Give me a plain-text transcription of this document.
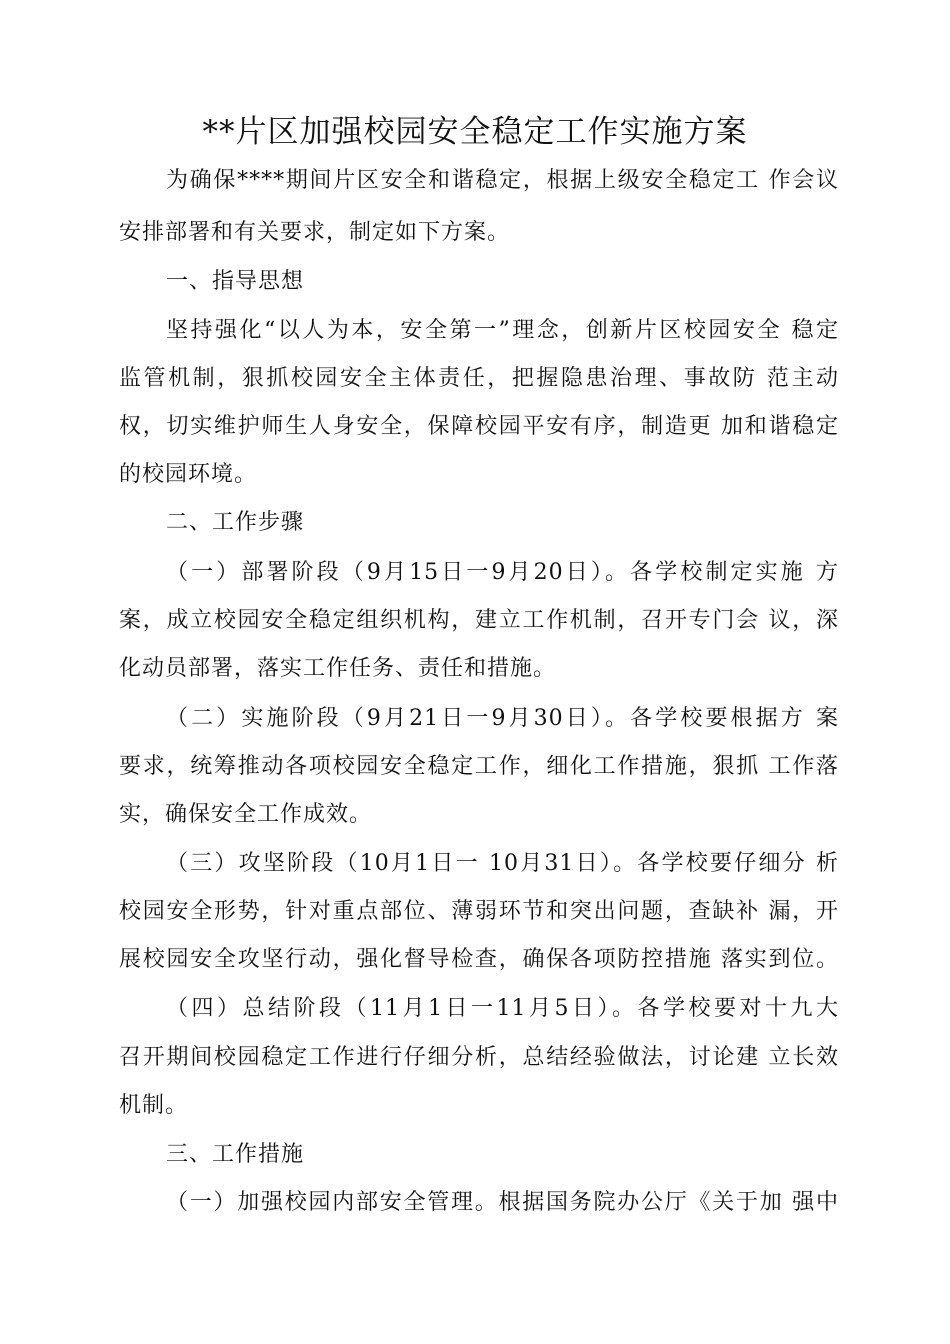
**片区加强校园安全稳定工作实施方案
为确保****期间片区安全和谐稳定，根据上级安全稳定工 作会议
安排部署和有关要求，制定如下方案。
一、指导思想
坚持强化“以人为本，安全第一”理念，创新片区校园安全 稳定
监管机制，狠抓校园安全主体责任，把握隐患治理、事故防 范主动
权，切实维护师生人身安全，保障校园平安有序，制造更 加和谐稳定
的校园环境。
二、工作步骤
（一）部署阶段（9月15日一9月20日）。各学校制定实施 方
案，成立校园安全稳定组织机构，建立工作机制，召开专门会 议，深
化动员部署，落实工作任务、责任和措施。
（二）实施阶段（9月21日一9月30日）。各学校要根据方 案
要求，统筹推动各项校园安全稳定工作，细化工作措施，狠抓 工作落
实，确保安全工作成效。
（三）攻坚阶段（10月1日一 10月31日）。各学校要仔细分 析
校园安全形势，针对重点部位、薄弱环节和突出问题，查缺补 漏，开
展校园安全攻坚行动，强化督导检查，确保各项防控措施 落实到位。
（四）总结阶段（11月1日一11月5日）。各学校要对十九大
召开期间校园稳定工作进行仔细分析，总结经验做法，讨论建 立长效
机制。
三、工作措施
（一）加强校园内部安全管理。根据国务院办公厅《关于加 强中
